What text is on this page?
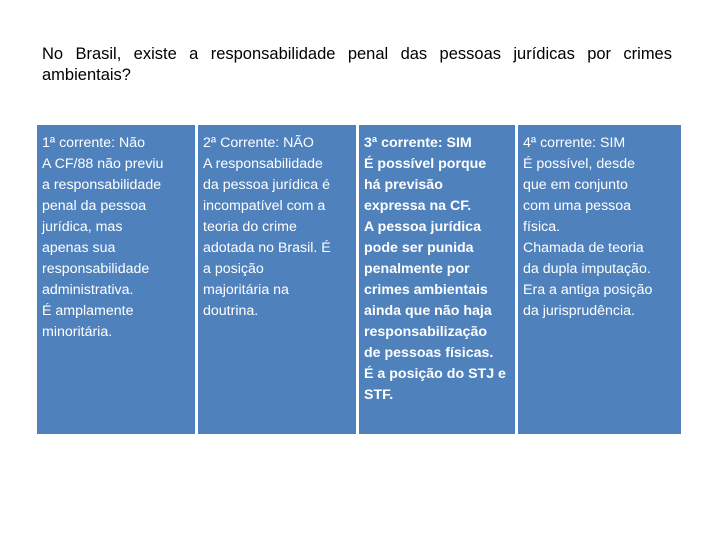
No Brasil, existe a responsabilidade penal das pessoas jurídicas por crimes ambientais?
1ª corrente: Não
A CF/88 não previu
a responsabilidade
penal da pessoa
jurídica, mas
apenas sua
responsabilidade
administrativa.
É amplamente
minoritária.
2ª Corrente: NÃO
A responsabilidade
da pessoa jurídica é
incompatível com a
teoria do crime
adotada no Brasil. É
a posição
majoritária na
doutrina.
3ª corrente: SIM
É possível porque
há previsão
expressa na CF.
A pessoa jurídica
pode ser punida
penalmente por
crimes ambientais
ainda que não haja
responsabilização
de pessoas físicas.
É a posição do STJ e
STF.
4ª corrente: SIM
É possível, desde
que em conjunto
com uma pessoa
física.
Chamada de teoria
da dupla imputação.
Era a antiga posição
da jurisprudência.
